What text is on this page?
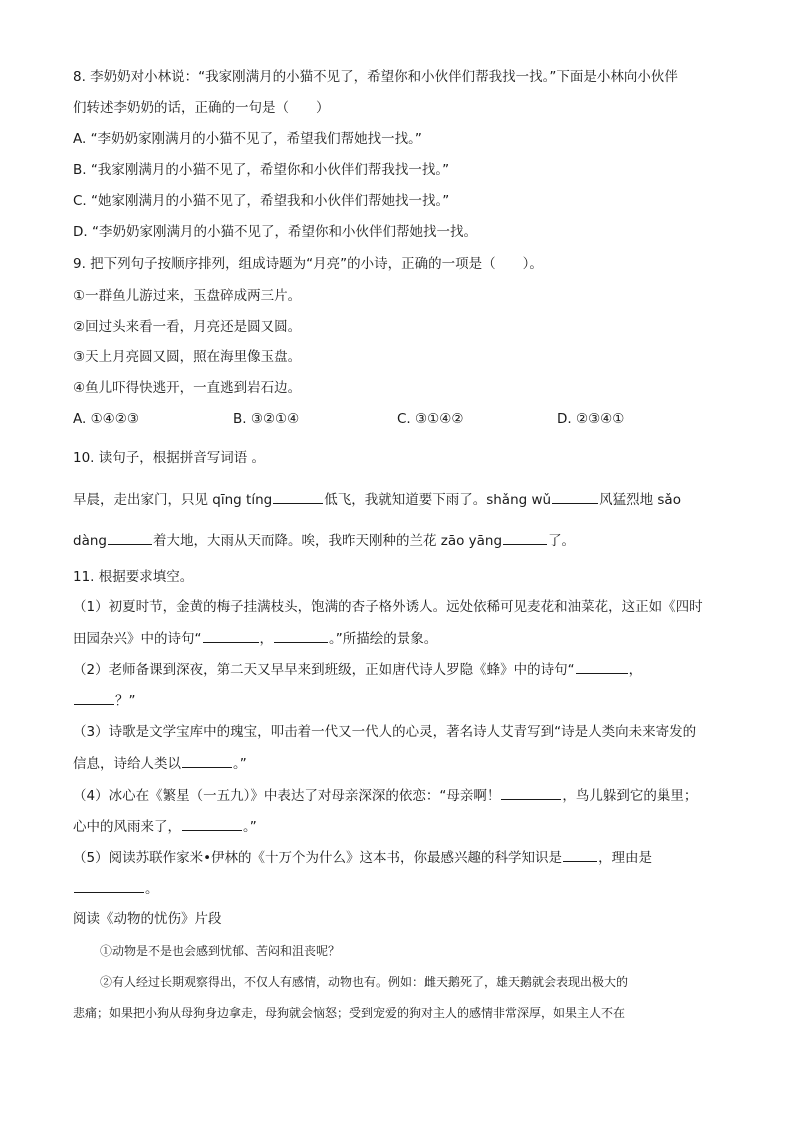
8. 李奶奶对小林说：“我家刚满月的小猫不见了，希望你和小伙伴们帮我找一找。”下面是小林向小伙伴
们转述李奶奶的话，正确的一句是（　　）
A. “李奶奶家刚满月的小猫不见了，希望我们帮她找一找。”
B. “我家刚满月的小猫不见了，希望你和小伙伴们帮我找一找。”
C. “她家刚满月的小猫不见了，希望我和小伙伴们帮她找一找。”
D. “李奶奶家刚满月的小猫不见了，希望你和小伙伴们帮她找一找。
9. 把下列句子按顺序排列，组成诗题为“月亮”的小诗，正确的一项是（　　）。
①一群鱼儿游过来，玉盘碎成两三片。
②回过头来看一看，月亮还是圆又圆。
③天上月亮圆又圆，照在海里像玉盘。
④鱼儿吓得快逃开，一直逃到岩石边。
A. ①④②③	B. ③②①④	C. ③①④②	D. ②③④①
10. 读句子，根据拼音写词语 。
早晨，走出家门，只见 qīng tíng	低飞，我就知道要下雨了。shǎng wǔ	风猛烈地 sǎo
dàng	着大地，大雨从天而降。唉，我昨天刚种的兰花 zāo yāng	了。
11. 根据要求填空。
（1）初夏时节，金黄的梅子挂满枝头，饱满的杏子格外诱人。远处依稀可见麦花和油菜花，这正如《四时
田园杂兴》中的诗句“	，	。”所描绘的景象。
（2）老师备课到深夜，第二天又早早来到班级，正如唐代诗人罗隐《蜂》中的诗句“	，
？”
（3）诗歌是文学宝库中的瑰宝，叩击着一代又一代人的心灵，著名诗人艾青写到“诗是人类向未来寄发的
信息，诗给人类以	。”
（4）冰心在《繁星（一五九）》中表达了对母亲深深的依恋：“母亲啊！	，鸟儿躲到它的巢里；
心中的风雨来了，	。”
（5）阅读苏联作家米•伊林的《十万个为什么》这本书，你最感兴趣的科学知识是	，理由是
。
阅读《动物的忧伤》片段
①动物是不是也会感到忧郁、苦闷和沮丧呢？
②有人经过长期观察得出，不仅人有感情，动物也有。例如：雌天鹅死了，雄天鹅就会表现出极大的
悲痛；如果把小狗从母狗身边拿走，母狗就会恼怒；受到宠爱的狗对主人的感情非常深厚，如果主人不在
